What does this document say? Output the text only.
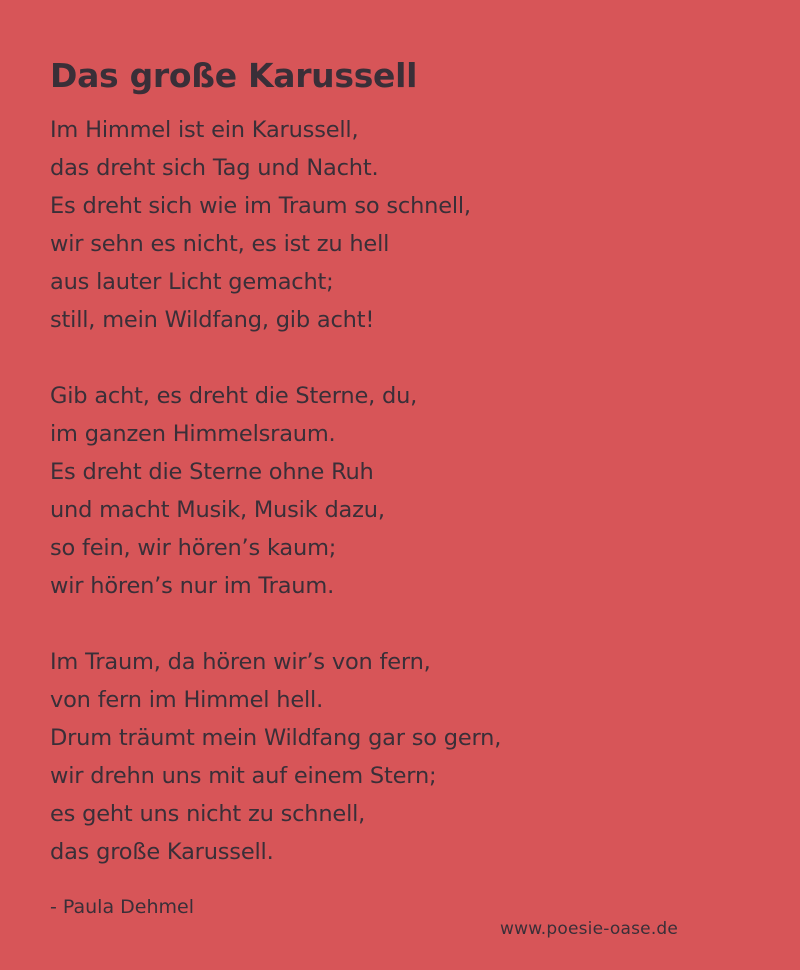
Das große Karussell

Im Himmel ist ein Karussell,
das dreht sich Tag und Nacht.
Es dreht sich wie im Traum so schnell,
wir sehn es nicht, es ist zu hell
aus lauter Licht gemacht;
still, mein Wildfang, gib acht!

Gib acht, es dreht die Sterne, du,
im ganzen Himmelsraum.
Es dreht die Sterne ohne Ruh
und macht Musik, Musik dazu,
so fein, wir hören’s kaum;
wir hören’s nur im Traum.

Im Traum, da hören wir’s von fern,
von fern im Himmel hell.
Drum träumt mein Wildfang gar so gern,
wir drehn uns mit auf einem Stern;
es geht uns nicht zu schnell,
das große Karussell.

- Paula Dehmel
www.poesie-oase.de
